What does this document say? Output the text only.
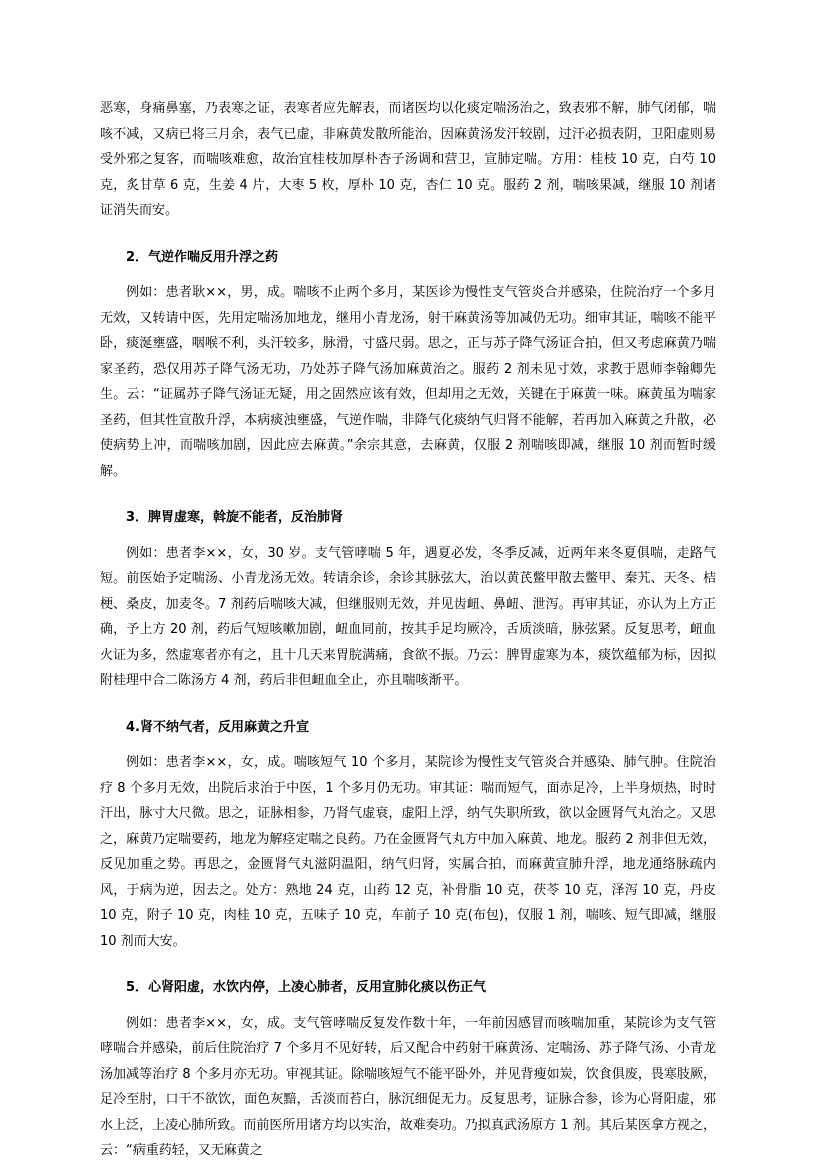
恶寒，身痛鼻塞，乃表寒之证，表寒者应先解表，而诸医均以化痰定喘汤治之，致表邪不解，肺气闭郁，喘咳不减，又病已将三月余，表气已虚，非麻黄发散所能治，因麻黄汤发汗较剧，过汗必损表阴，卫阳虚则易受外邪之复客，而喘咳难愈，故治宜桂枝加厚朴杏子汤调和营卫，宣肺定喘。方用：桂枝 10 克，白芍 10 克，炙甘草 6 克，生姜 4 片，大枣 5 枚，厚朴 10 克，杏仁 10 克。服药 2 剂，喘咳果减，继服 10 剂诸证消失而安。

2．气逆作喘反用升浮之药

例如：患者耿××，男，成。喘咳不止两个多月，某医诊为慢性支气管炎合并感染，住院治疗一个多月无效，又转请中医，先用定喘汤加地龙，继用小青龙汤，射干麻黄汤等加减仍无功。细审其证，喘咳不能平卧，痰涎壅盛，咽喉不利，头汗较多，脉滑，寸盛尺弱。思之，正与苏子降气汤证合拍，但又考虑麻黄乃喘家圣药，恐仅用苏子降气汤无功，乃处苏子降气汤加麻黄治之。服药 2 剂未见寸效，求教于恩师李翰卿先生。云：“证属苏子降气汤证无疑，用之固然应该有效，但却用之无效，关键在于麻黄一味。麻黄虽为喘家圣药，但其性宣散升浮，本病痰浊壅盛，气逆作喘，非降气化痰纳气归肾不能解，若再加入麻黄之升散，必使病势上冲，而喘咳加剧，因此应去麻黄。”余宗其意，去麻黄，仅服 2 剂喘咳即减，继服 10 剂而暂时缓解。

3．脾胃虚寒，斡旋不能者，反治肺肾

例如：患者李××，女，30 岁。支气管哮喘 5 年，遇夏必发，冬季反减，近两年来冬夏俱喘，走路气短。前医始予定喘汤、小青龙汤无效。转请余诊，余诊其脉弦大，治以黄芪鳖甲散去鳖甲、秦艽、天冬、桔梗、桑皮，加麦冬。7 剂药后喘咳大减，但继服则无效，并见齿衄、鼻衄、泄泻。再审其证，亦认为上方正确，予上方 20 剂，药后气短咳嗽加剧，衄血同前，按其手足均厥冷，舌质淡暗，脉弦紧。反复思考，衄血火证为多，然虚寒者亦有之，且十几天来胃脘满痛，食欲不振。乃云：脾胃虚寒为本，痰饮蕴郁为标，因拟附桂理中合二陈汤方 4 剂，药后非但衄血全止，亦且喘咳渐平。

4.肾不纳气者，反用麻黄之升宣

例如：患者李××，女，成。喘咳短气 10 个多月，某院诊为慢性支气管炎合并感染、肺气肿。住院治疗 8 个多月无效，出院后求治于中医，1 个多月仍无功。审其证：喘而短气，面赤足冷，上半身烦热，时时汗出，脉寸大尺微。思之，证脉相参，乃肾气虚衰，虚阳上浮，纳气失职所致，欲以金匮肾气丸治之。又思之，麻黄乃定喘要药，地龙为解痉定喘之良药。乃在金匮肾气丸方中加入麻黄、地龙。服药 2 剂非但无效，反见加重之势。再思之，金匮肾气丸滋阴温阳，纳气归肾，实属合拍，而麻黄宣肺升浮，地龙通络脉疏内风，于病为逆，因去之。处方：熟地 24 克，山药 12 克，补骨脂 10 克，茯苓 10 克，泽泻 10 克，丹皮 10 克，附子 10 克，肉桂 10 克，五味子 10 克，车前子 10 克(布包)，仅服 1 剂，喘咳、短气即减，继服 10 剂而大安。

5．心肾阳虚，水饮内停，上凌心肺者，反用宣肺化痰以伤正气

例如：患者李××，女，成。支气管哮喘反复发作数十年，一年前因感冒而咳喘加重，某院诊为支气管哮喘合并感染，前后住院治疗 7 个多月不见好转，后又配合中药射干麻黄汤、定喘汤、苏子降气汤、小青龙汤加减等治疗 8 个多月亦无功。审视其证。除喘咳短气不能平卧外，并见背瘦如炭，饮食俱废，畏寒肢厥，足冷至肘，口干不欲饮，面色灰黯，舌淡而苔白，脉沉细促无力。反复思考，证脉合参，诊为心肾阳虚，邪水上泛，上凌心肺所致。而前医所用诸方均以实治，故难奏功。乃拟真武汤原方 1 剂。其后某医拿方视之，云：“病重药轻，又无麻黄之
